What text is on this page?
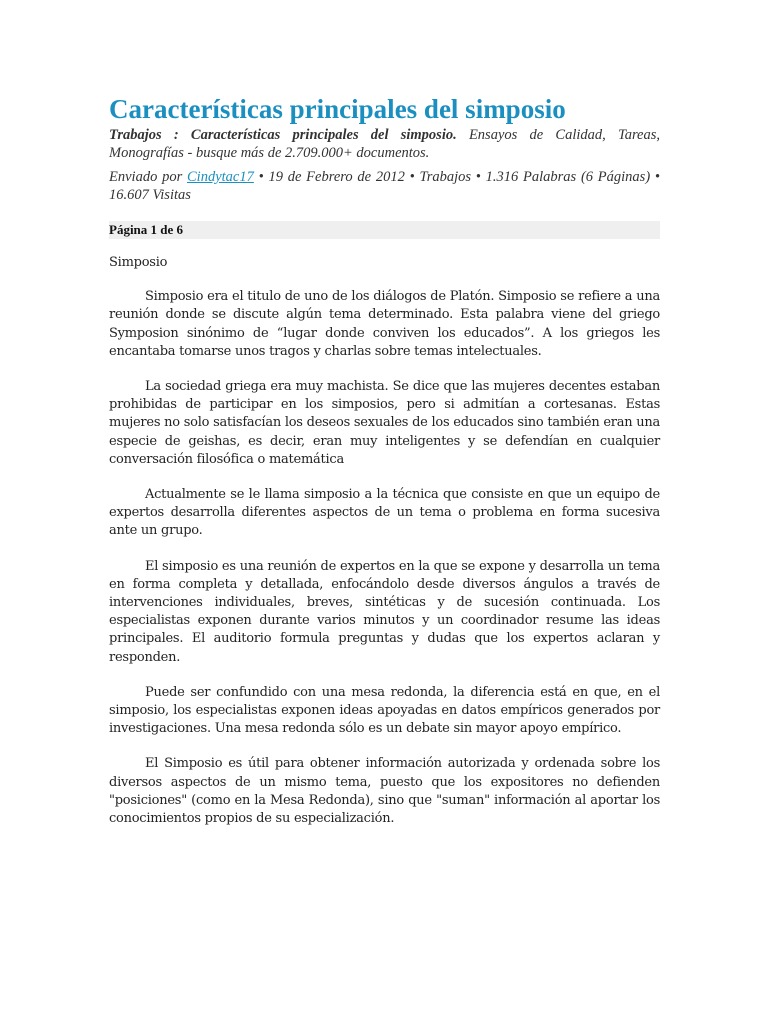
Características principales del simposio
Trabajos : Características principales del simposio. Ensayos de Calidad, Tareas, Monografías - busque más de 2.709.000+ documentos.
Enviado por Cindytac17 • 19 de Febrero de 2012 • Trabajos • 1.316 Palabras (6 Páginas) • 16.607 Visitas
Página 1 de 6
Simposio

Simposio era el titulo de uno de los diálogos de Platón. Simposio se refiere a una reunión donde se discute algún tema determinado. Esta palabra viene del griego Symposion sinónimo de “lugar donde conviven los educados”. A los griegos les encantaba tomarse unos tragos y charlas sobre temas intelectuales.

La sociedad griega era muy machista. Se dice que las mujeres decentes estaban prohibidas de participar en los simposios, pero si admitían a cortesanas. Estas mujeres no solo satisfacían los deseos sexuales de los educados sino también eran una especie de geishas, es decir, eran muy inteligentes y se defendían en cualquier conversación filosófica o matemática

Actualmente se le llama simposio a la técnica que consiste en que un equipo de expertos desarrolla diferentes aspectos de un tema o problema en forma sucesiva ante un grupo.

El simposio es una reunión de expertos en la que se expone y desarrolla un tema en forma completa y detallada, enfocándolo desde diversos ángulos a través de intervenciones individuales, breves, sintéticas y de sucesión continuada. Los especialistas exponen durante varios minutos y un coordinador resume las ideas principales. El auditorio formula preguntas y dudas que los expertos aclaran y responden.

Puede ser confundido con una mesa redonda, la diferencia está en que, en el simposio, los especialistas exponen ideas apoyadas en datos empíricos generados por investigaciones. Una mesa redonda sólo es un debate sin mayor apoyo empírico.

El Simposio es útil para obtener información autorizada y ordenada sobre los diversos aspectos de un mismo tema, puesto que los expositores no defienden "posiciones" (como en la Mesa Redonda), sino que "suman" información al aportar los conocimientos propios de su especialización.
